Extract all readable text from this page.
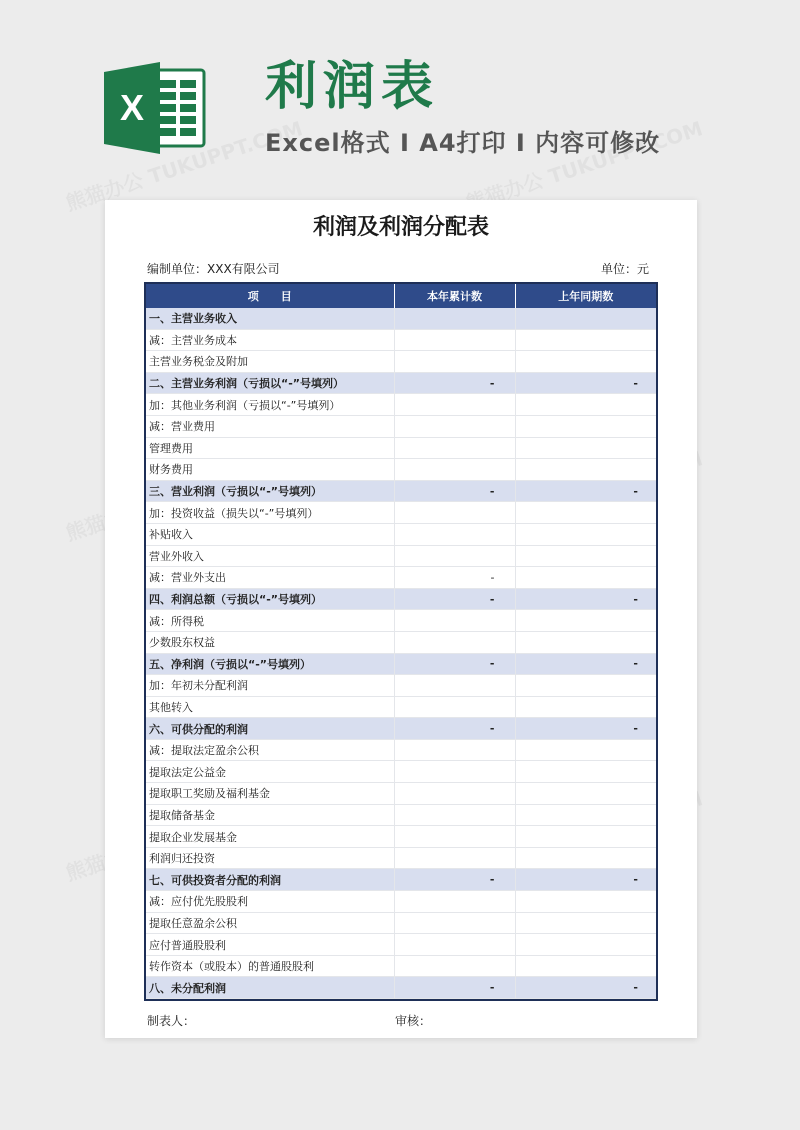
X 利润表
Excel格式 I A4打印 I 内容可修改
利润及利润分配表
编制单位：XXX有限公司	单位：元
项　　目	本年累计数	上年同期数
一、主营业务收入		
减：主营业务成本		
主营业务税金及附加		
二、主营业务利润（亏损以“-”号填列）	-	-
加：其他业务利润（亏损以“-”号填列）		
减：营业费用		
管理费用		
财务费用		
三、营业利润（亏损以“-”号填列）	-	-
加：投资收益（损失以“-”号填列）		
补贴收入		
营业外收入		
减：营业外支出	-	
四、利润总额（亏损以“-”号填列）	-	-
减：所得税		
少数股东权益		
五、净利润（亏损以“-”号填列）	-	-
加：年初未分配利润		
其他转入		
六、可供分配的利润	-	-
减：提取法定盈余公积		
提取法定公益金		
提取职工奖励及福利基金		
提取储备基金		
提取企业发展基金		
利润归还投资		
七、可供投资者分配的利润	-	-
减：应付优先股股利		
提取任意盈余公积		
应付普通股股利		
转作资本（或股本）的普通股股利		
八、未分配利润	-	-
制表人：	审核：
